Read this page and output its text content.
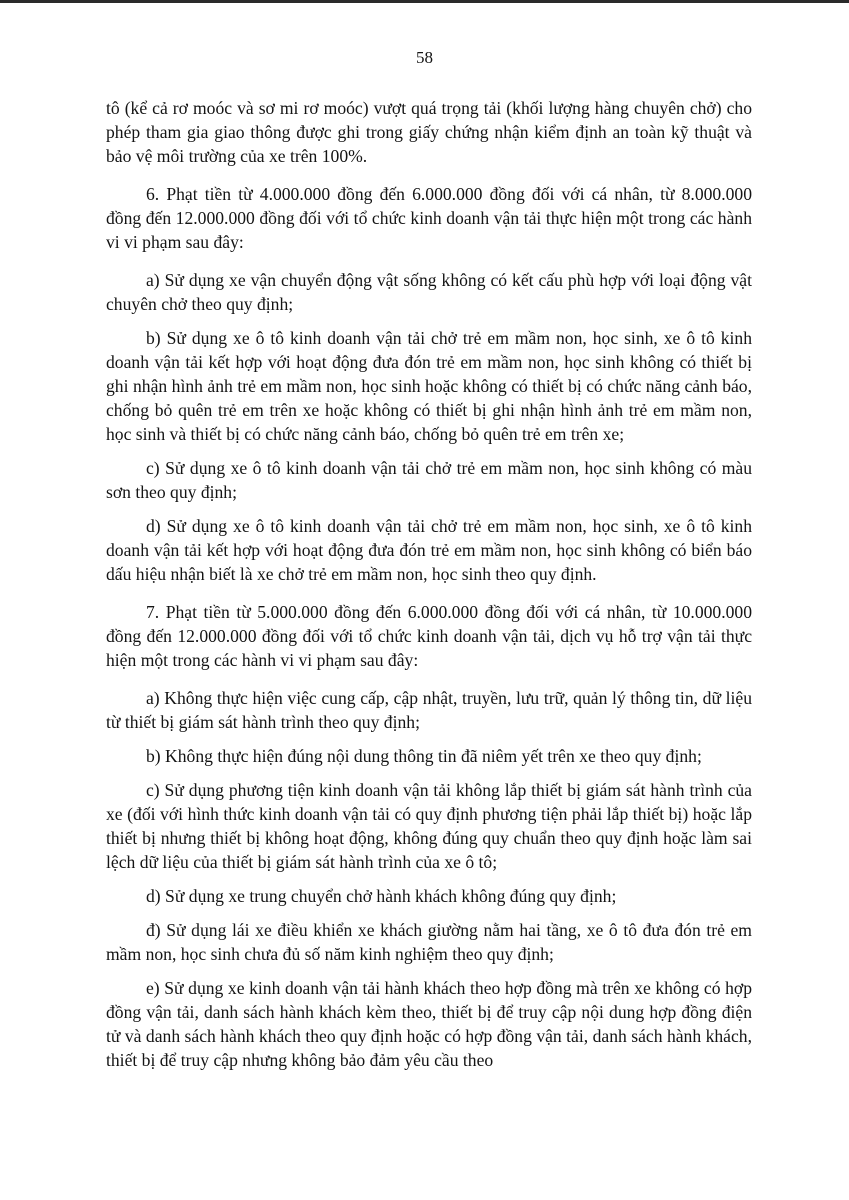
58

tô (kể cả rơ moóc và sơ mi rơ moóc) vượt quá trọng tải (khối lượng hàng chuyên chở) cho phép tham gia giao thông được ghi trong giấy chứng nhận kiểm định an toàn kỹ thuật và bảo vệ môi trường của xe trên 100%.

6. Phạt tiền từ 4.000.000 đồng đến 6.000.000 đồng đối với cá nhân, từ 8.000.000 đồng đến 12.000.000 đồng đối với tổ chức kinh doanh vận tải thực hiện một trong các hành vi vi phạm sau đây:

a) Sử dụng xe vận chuyển động vật sống không có kết cấu phù hợp với loại động vật chuyên chở theo quy định;

b) Sử dụng xe ô tô kinh doanh vận tải chở trẻ em mầm non, học sinh, xe ô tô kinh doanh vận tải kết hợp với hoạt động đưa đón trẻ em mầm non, học sinh không có thiết bị ghi nhận hình ảnh trẻ em mầm non, học sinh hoặc không có thiết bị có chức năng cảnh báo, chống bỏ quên trẻ em trên xe hoặc không có thiết bị ghi nhận hình ảnh trẻ em mầm non, học sinh và thiết bị có chức năng cảnh báo, chống bỏ quên trẻ em trên xe;

c) Sử dụng xe ô tô kinh doanh vận tải chở trẻ em mầm non, học sinh không có màu sơn theo quy định;

d) Sử dụng xe ô tô kinh doanh vận tải chở trẻ em mầm non, học sinh, xe ô tô kinh doanh vận tải kết hợp với hoạt động đưa đón trẻ em mầm non, học sinh không có biển báo dấu hiệu nhận biết là xe chở trẻ em mầm non, học sinh theo quy định.

7. Phạt tiền từ 5.000.000 đồng đến 6.000.000 đồng đối với cá nhân, từ 10.000.000 đồng đến 12.000.000 đồng đối với tổ chức kinh doanh vận tải, dịch vụ hỗ trợ vận tải thực hiện một trong các hành vi vi phạm sau đây:

a) Không thực hiện việc cung cấp, cập nhật, truyền, lưu trữ, quản lý thông tin, dữ liệu từ thiết bị giám sát hành trình theo quy định;

b) Không thực hiện đúng nội dung thông tin đã niêm yết trên xe theo quy định;

c) Sử dụng phương tiện kinh doanh vận tải không lắp thiết bị giám sát hành trình của xe (đối với hình thức kinh doanh vận tải có quy định phương tiện phải lắp thiết bị) hoặc lắp thiết bị nhưng thiết bị không hoạt động, không đúng quy chuẩn theo quy định hoặc làm sai lệch dữ liệu của thiết bị giám sát hành trình của xe ô tô;

d) Sử dụng xe trung chuyển chở hành khách không đúng quy định;

đ) Sử dụng lái xe điều khiển xe khách giường nằm hai tầng, xe ô tô đưa đón trẻ em mầm non, học sinh chưa đủ số năm kinh nghiệm theo quy định;

e) Sử dụng xe kinh doanh vận tải hành khách theo hợp đồng mà trên xe không có hợp đồng vận tải, danh sách hành khách kèm theo, thiết bị để truy cập nội dung hợp đồng điện tử và danh sách hành khách theo quy định hoặc có hợp đồng vận tải, danh sách hành khách, thiết bị để truy cập nhưng không bảo đảm yêu cầu theo
